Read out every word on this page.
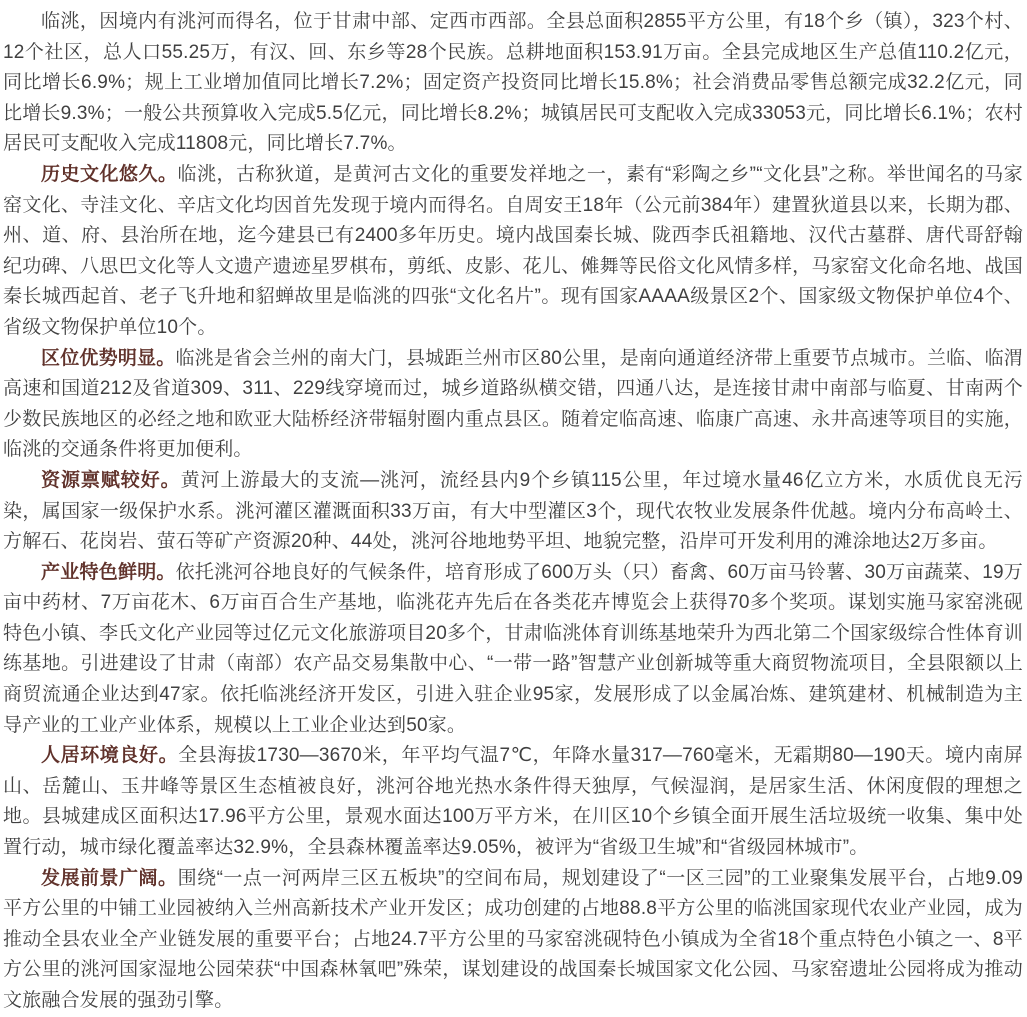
临洮，因境内有洮河而得名，位于甘肃中部、定西市西部。全县总面积2855平方公里，有18个乡（镇），323个村、12个社区，总人口55.25万，有汉、回、东乡等28个民族。总耕地面积153.91万亩。全县完成地区生产总值110.2亿元，同比增长6.9%；规上工业增加值同比增长7.2%；固定资产投资同比增长15.8%；社会消费品零售总额完成32.2亿元，同比增长9.3%；一般公共预算收入完成5.5亿元，同比增长8.2%；城镇居民可支配收入完成33053元，同比增长6.1%；农村居民可支配收入完成11808元，同比增长7.7%。

历史文化悠久。临洮，古称狄道，是黄河古文化的重要发祥地之一，素有“彩陶之乡”“文化县”之称。举世闻名的马家窑文化、寺洼文化、辛店文化均因首先发现于境内而得名。自周安王18年（公元前384年）建置狄道县以来，长期为郡、州、道、府、县治所在地，迄今建县已有2400多年历史。境内战国秦长城、陇西李氏祖籍地、汉代古墓群、唐代哥舒翰纪功碑、八思巴文化等人文遗产遗迹星罗棋布，剪纸、皮影、花儿、傩舞等民俗文化风情多样，马家窑文化命名地、战国秦长城西起首、老子飞升地和貂蝉故里是临洮的四张“文化名片”。现有国家AAAA级景区2个、国家级文物保护单位4个、省级文物保护单位10个。

区位优势明显。临洮是省会兰州的南大门，县城距兰州市区80公里，是南向通道经济带上重要节点城市。兰临、临渭高速和国道212及省道309、311、229线穿境而过，城乡道路纵横交错，四通八达，是连接甘肃中南部与临夏、甘南两个少数民族地区的必经之地和欧亚大陆桥经济带辐射圈内重点县区。随着定临高速、临康广高速、永井高速等项目的实施，临洮的交通条件将更加便利。

资源禀赋较好。黄河上游最大的支流—洮河，流经县内9个乡镇115公里，年过境水量46亿立方米，水质优良无污染，属国家一级保护水系。洮河灌区灌溉面积33万亩，有大中型灌区3个，现代农牧业发展条件优越。境内分布高岭土、方解石、花岗岩、萤石等矿产资源20种、44处，洮河谷地地势平坦、地貌完整，沿岸可开发利用的滩涂地达2万多亩。

产业特色鲜明。依托洮河谷地良好的气候条件，培育形成了600万头（只）畜禽、60万亩马铃薯、30万亩蔬菜、19万亩中药材、7万亩花木、6万亩百合生产基地，临洮花卉先后在各类花卉博览会上获得70多个奖项。谋划实施马家窑洮砚特色小镇、李氏文化产业园等过亿元文化旅游项目20多个，甘肃临洮体育训练基地荣升为西北第二个国家级综合性体育训练基地。引进建设了甘肃（南部）农产品交易集散中心、“一带一路”智慧产业创新城等重大商贸物流项目，全县限额以上商贸流通企业达到47家。依托临洮经济开发区，引进入驻企业95家，发展形成了以金属冶炼、建筑建材、机械制造为主导产业的工业产业体系，规模以上工业企业达到50家。

人居环境良好。全县海拔1730—3670米，年平均气温7℃，年降水量317—760毫米，无霜期80—190天。境内南屏山、岳麓山、玉井峰等景区生态植被良好，洮河谷地光热水条件得天独厚，气候湿润，是居家生活、休闲度假的理想之地。县城建成区面积达17.96平方公里，景观水面达100万平方米，在川区10个乡镇全面开展生活垃圾统一收集、集中处置行动，城市绿化覆盖率达32.9%，全县森林覆盖率达9.05%，被评为“省级卫生城”和“省级园林城市”。

发展前景广阔。围绕“一点一河两岸三区五板块”的空间布局，规划建设了“一区三园”的工业聚集发展平台，占地9.09平方公里的中铺工业园被纳入兰州高新技术产业开发区；成功创建的占地88.8平方公里的临洮国家现代农业产业园，成为推动全县农业全产业链发展的重要平台；占地24.7平方公里的马家窑洮砚特色小镇成为全省18个重点特色小镇之一、8平方公里的洮河国家湿地公园荣获“中国森林氧吧”殊荣，谋划建设的战国秦长城国家文化公园、马家窑遗址公园将成为推动文旅融合发展的强劲引擎。
